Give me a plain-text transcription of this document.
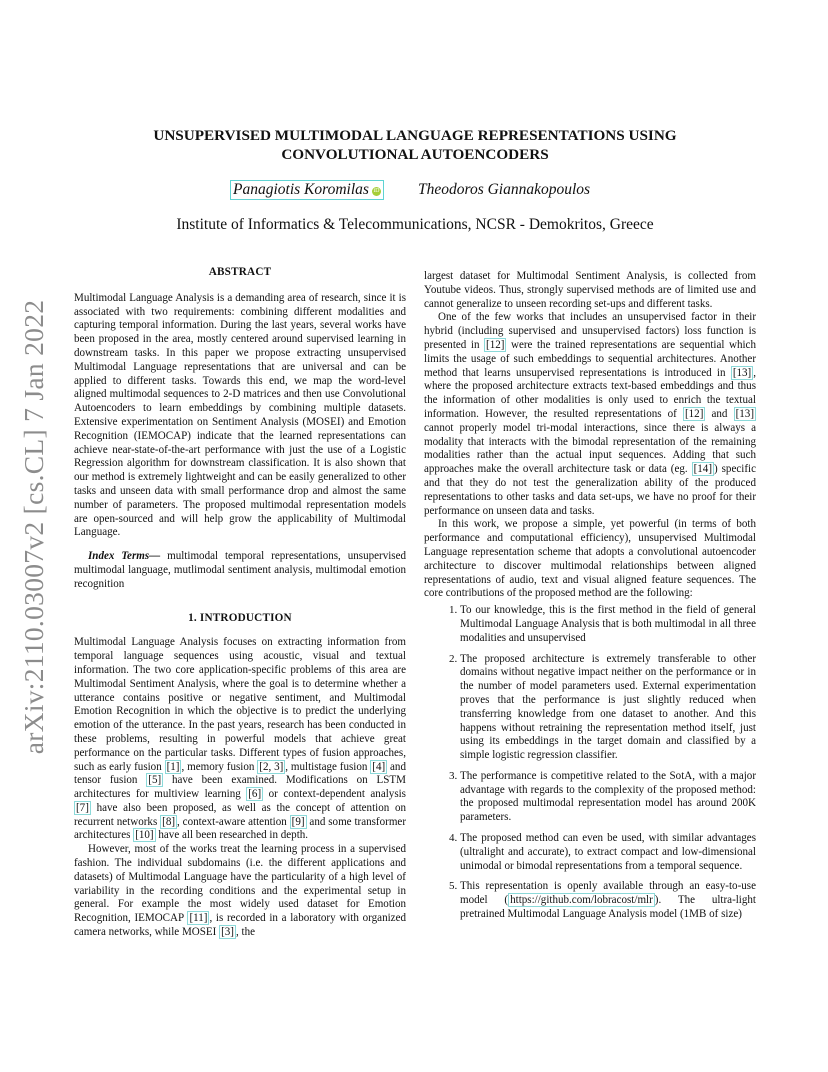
arXiv:2110.03007v2 [cs.CL] 7 Jan 2022
UNSUPERVISED MULTIMODAL LANGUAGE REPRESENTATIONS USING
CONVOLUTIONAL AUTOENCODERS
Panagiotis Koromilas iD Theodoros Giannakopoulos
Institute of Informatics & Telecommunications, NCSR - Demokritos, Greece
ABSTRACT

Multimodal Language Analysis is a demanding area of research, since it is associated with two requirements: combining different modalities and capturing temporal information. During the last years, several works have been proposed in the area, mostly centered around supervised learning in downstream tasks. In this paper we propose extracting unsupervised Multimodal Language representations that are universal and can be applied to different tasks. Towards this end, we map the word-level aligned multimodal sequences to 2-D matrices and then use Convolutional Autoencoders to learn embeddings by combining multiple datasets. Extensive experimentation on Sentiment Analysis (MOSEI) and Emotion Recognition (IEMOCAP) indicate that the learned representations can achieve near-state-of-the-art performance with just the use of a Logistic Regression algorithm for downstream classification. It is also shown that our method is extremely lightweight and can be easily generalized to other tasks and unseen data with small performance drop and almost the same number of parameters. The proposed multimodal representation models are open-sourced and will help grow the applicability of Multimodal Language.

Index Terms— multimodal temporal representations, unsupervised multimodal language, mutlimodal sentiment analysis, multimodal emotion recognition

1. INTRODUCTION

Multimodal Language Analysis focuses on extracting information from temporal language sequences using acoustic, visual and textual information. The two core application-specific problems of this area are Multimodal Sentiment Analysis, where the goal is to determine whether a utterance contains positive or negative sentiment, and Multimodal Emotion Recognition in which the objective is to predict the underlying emotion of the utterance. In the past years, research has been conducted in these problems, resulting in powerful models that achieve great performance on the particular tasks. Different types of fusion approaches, such as early fusion [1] , memory fusion [2, 3] , multistage fusion [4] and tensor fusion [5] have been examined. Modifications on LSTM architectures for multiview learning [6] or context-dependent analysis [7] have also been proposed, as well as the concept of attention on recurrent networks [8] , context-aware attention [9] and some transformer architectures [10] have all been researched in depth.

However, most of the works treat the learning process in a supervised fashion. The individual subdomains (i.e. the different applications and datasets) of Multimodal Language have the particularity of a high level of variability in the recording conditions and the experimental setup in general. For example the most widely used dataset for Emotion Recognition, IEMOCAP [11] , is recorded in a laboratory with organized camera networks, while MOSEI [3] , the

largest dataset for Multimodal Sentiment Analysis, is collected from Youtube videos. Thus, strongly supervised methods are of limited use and cannot generalize to unseen recording set-ups and different tasks.

One of the few works that includes an unsupervised factor in their hybrid (including supervised and unsupervised factors) loss function is presented in [12] were the trained representations are sequential which limits the usage of such embeddings to sequential architectures. Another method that learns unsupervised representations is introduced in [13] , where the proposed architecture extracts text-based embeddings and thus the information of other modalities is only used to enrich the textual information. However, the resulted representations of [12] and [13] cannot properly model tri-modal interactions, since there is always a modality that interacts with the bimodal representation of the remaining modalities rather than the actual input sequences. Adding that such approaches make the overall architecture task or data (eg. [14] ) specific and that they do not test the generalization ability of the produced representations to other tasks and data set-ups, we have no proof for their performance on unseen data and tasks.

In this work, we propose a simple, yet powerful (in terms of both performance and computational efficiency), unsupervised Multimodal Language representation scheme that adopts a convolutional autoencoder architecture to discover multimodal relationships between aligned representations of audio, text and visual aligned feature sequences. The core contributions of the proposed method are the following:

1. To our knowledge, this is the first method in the field of general Multimodal Language Analysis that is both multimodal in all three modalities and unsupervised
2. The proposed architecture is extremely transferable to other domains without negative impact neither on the performance or in the number of model parameters used. External experimentation proves that the performance is just slightly reduced when transferring knowledge from one dataset to another. And this happens without retraining the representation method itself, just using its embeddings in the target domain and classified by a simple logistic regression classifier.
3. The performance is competitive related to the SotA, with a major advantage with regards to the complexity of the proposed method: the proposed multimodal representation model has around 200K parameters.
4. The proposed method can even be used, with similar advantages (ultralight and accurate), to extract compact and low-dimensional unimodal or bimodal representations from a temporal sequence.
5. This representation is openly available through an easy-to-use model ( https://github.com/lobracost/mlr ). The ultra-light pretrained Multimodal Language Analysis model (1MB of size)
